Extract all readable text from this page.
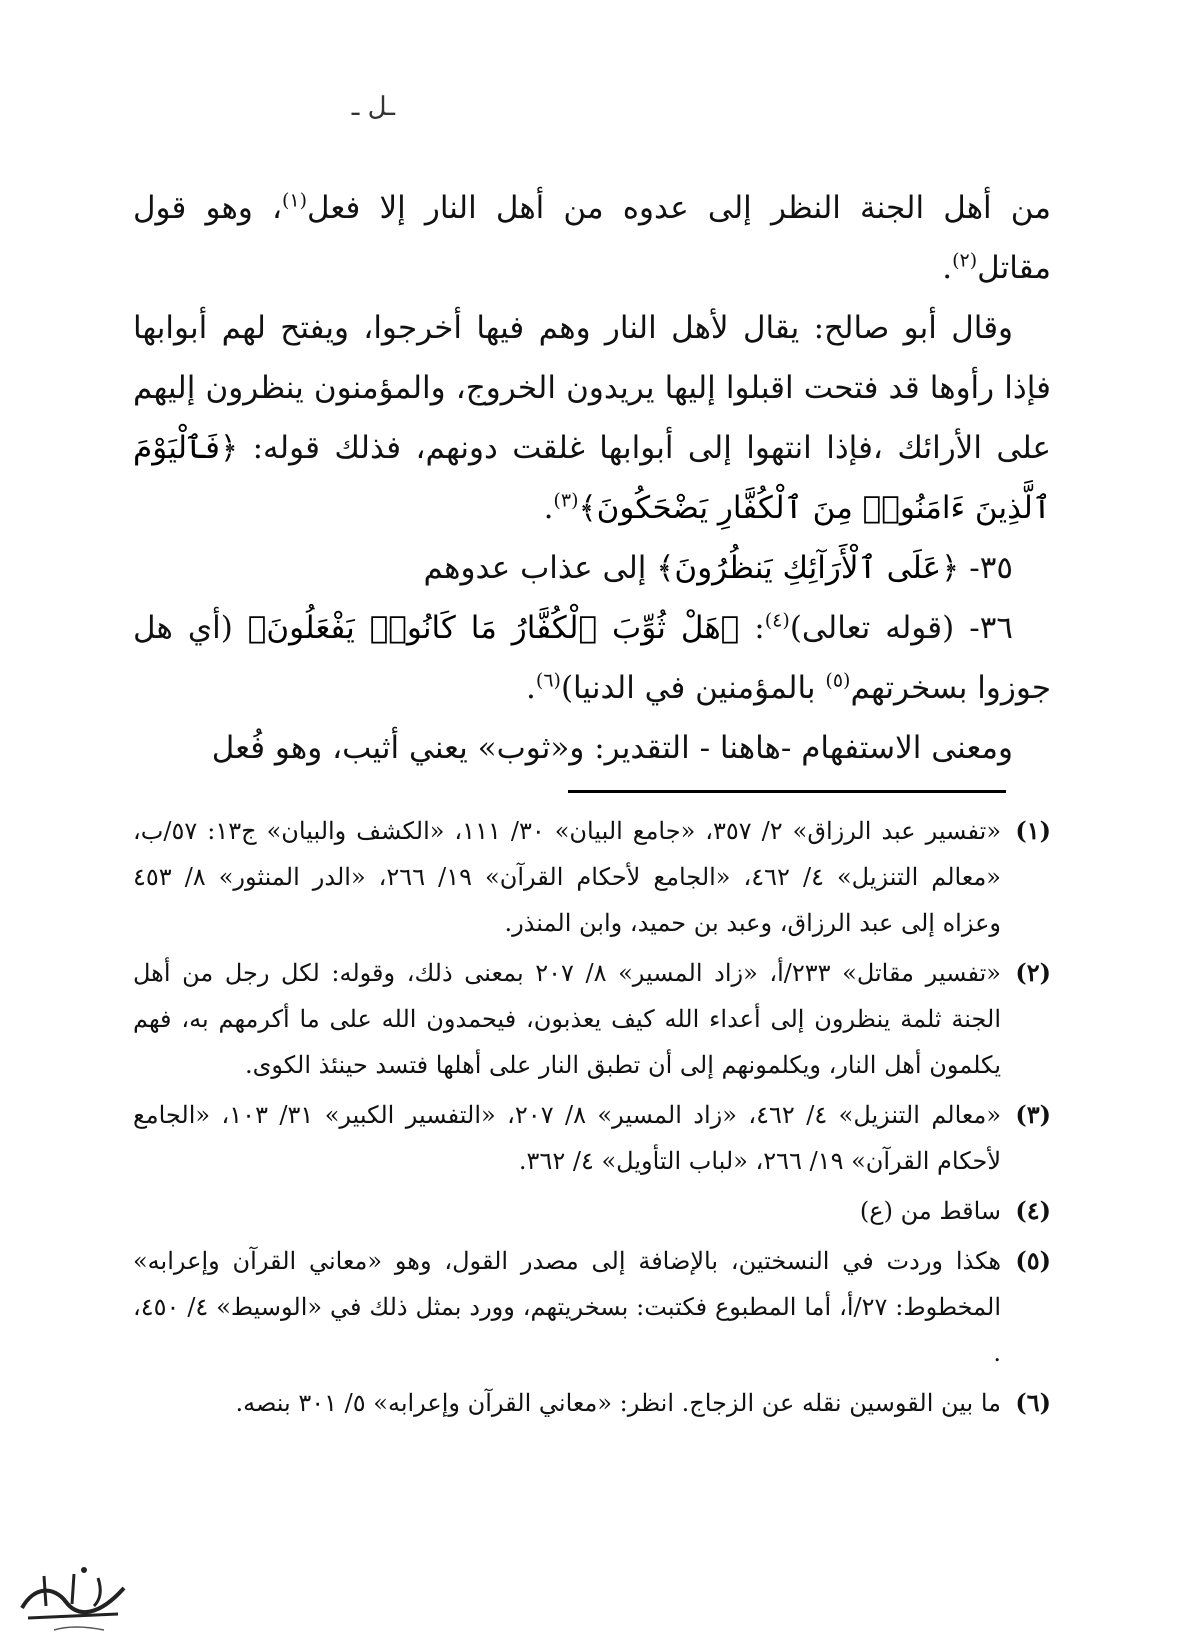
ـل ـ

من أهل الجنة النظر إلى عدوه من أهل النار إلا فعل$^{(١)}$، وهو قول مقاتل$^{(٢)}$.

وقال أبو صالح: يقال لأهل النار وهم فيها أخرجوا، ويفتح لهم أبوابها فإذا رأوها قد فتحت اقبلوا إليها يريدون الخروج، والمؤمنون ينظرون إليهم على الأرائك ،فإذا انتهوا إلى أبوابها غلقت دونهم، فذلك قوله: ﴿فَٱلْيَوْمَ ٱلَّذِينَ ءَامَنُوا۟ مِنَ ٱلْكُفَّارِ يَضْحَكُونَ﴾$^{(٣)}$.

٣٥- ﴿عَلَى ٱلْأَرَآئِكِ يَنظُرُونَ﴾ إلى عذاب عدوهم

٣٦- (قوله تعالى)$^{(٤)}$: ﴿هَلْ ثُوِّبَ ٱلْكُفَّارُ مَا كَانُوا۟ يَفْعَلُونَ﴾ (أي هل جوزوا بسخرتهم$^{(٥)}$ بالمؤمنين في الدنيا)$^{(٦)}$.

ومعنى الاستفهام -هاهنا - التقدير: و«ثوب» يعني أثيب، وهو فُعل

(١)
«تفسير عبد الرزاق» ٢/ ٣٥٧، «جامع البيان» ٣٠/ ١١١، «الكشف والبيان» ج١٣: ٥٧/ب، «معالم التنزيل» ٤/ ٤٦٢، «الجامع لأحكام القرآن» ١٩/ ٢٦٦، «الدر المنثور» ٨/ ٤٥٣ وعزاه إلى عبد الرزاق، وعبد بن حميد، وابن المنذر.
(٢)
«تفسير مقاتل» ٢٣٣/أ، «زاد المسير» ٨/ ٢٠٧ بمعنى ذلك، وقوله: لكل رجل من أهل الجنة ثلمة ينظرون إلى أعداء الله كيف يعذبون، فيحمدون الله على ما أكرمهم به، فهم يكلمون أهل النار، ويكلمونهم إلى أن تطبق النار على أهلها فتسد حينئذ الكوى.
(٣)
«معالم التنزيل» ٤/ ٤٦٢، «زاد المسير» ٨/ ٢٠٧، «التفسير الكبير» ٣١/ ١٠٣، «الجامع لأحكام القرآن» ١٩/ ٢٦٦، «لباب التأويل» ٤/ ٣٦٢.
(٤)
ساقط من (ع)
(٥)
هكذا وردت في النسختين، بالإضافة إلى مصدر القول، وهو «معاني القرآن وإعرابه» المخطوط: ٢٧/أ، أما المطبوع فكتبت: بسخريتهم، وورد بمثل ذلك في «الوسيط» ٤/ ٤٥٠، .
(٦)
ما بين القوسين نقله عن الزجاج. انظر: «معاني القرآن وإعرابه» ٥/ ٣٠١ بنصه.
